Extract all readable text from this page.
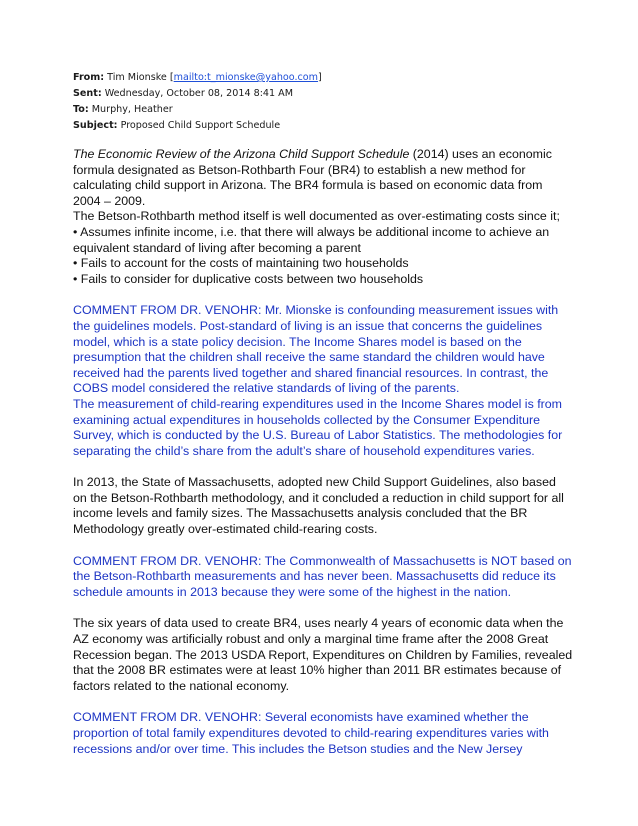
From: Tim Mionske [mailto:t_mionske@yahoo.com]
Sent: Wednesday, October 08, 2014 8:41 AM
To: Murphy, Heather
Subject: Proposed Child Support Schedule

The Economic Review of the Arizona Child Support Schedule (2014) uses an economic formula designated as Betson-Rothbarth Four (BR4) to establish a new method for calculating child support in Arizona. The BR4 formula is based on economic data from 2004 – 2009.

The Betson-Rothbarth method itself is well documented as over-estimating costs since it;

• Assumes infinite income, i.e. that there will always be additional income to achieve an equivalent standard of living after becoming a parent

• Fails to account for the costs of maintaining two households

• Fails to consider for duplicative costs between two households

COMMENT FROM DR. VENOHR: Mr. Mionske is confounding measurement issues with the guidelines models. Post-standard of living is an issue that concerns the guidelines model, which is a state policy decision. The Income Shares model is based on the presumption that the children shall receive the same standard the children would have received had the parents lived together and shared financial resources. In contrast, the COBS model considered the relative standards of living of the parents.

The measurement of child-rearing expenditures used in the Income Shares model is from examining actual expenditures in households collected by the Consumer Expenditure Survey, which is conducted by the U.S. Bureau of Labor Statistics. The methodologies for separating the child’s share from the adult’s share of household expenditures varies.

In 2013, the State of Massachusetts, adopted new Child Support Guidelines, also based on the Betson-Rothbarth methodology, and it concluded a reduction in child support for all income levels and family sizes. The Massachusetts analysis concluded that the BR Methodology greatly over-estimated child-rearing costs.

COMMENT FROM DR. VENOHR: The Commonwealth of Massachusetts is NOT based on the Betson-Rothbarth measurements and has never been. Massachusetts did reduce its schedule amounts in 2013 because they were some of the highest in the nation.

The six years of data used to create BR4, uses nearly 4 years of economic data when the AZ economy was artificially robust and only a marginal time frame after the 2008 Great Recession began. The 2013 USDA Report, Expenditures on Children by Families, revealed that the 2008 BR estimates were at least 10% higher than 2011 BR estimates because of factors related to the national economy.

COMMENT FROM DR. VENOHR: Several economists have examined whether the proportion of total family expenditures devoted to child-rearing expenditures varies with recessions and/or over time. This includes the Betson studies and the New Jersey
